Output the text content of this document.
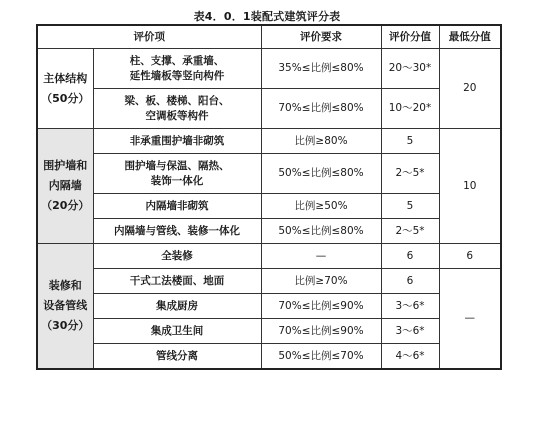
表4．0．1装配式建筑评分表
评价项		评价要求	评价分值	最低分值
主体结构
（50分）	柱、支撑、承重墙、
延性墙板等竖向构件	35%≤比例≤80%	20～30*	20
	梁、板、楼梯、阳台、
空调板等构件	70%≤比例≤80%	10～20*	
围护墙和
内隔墙
（20分）	非承重围护墙非砌筑	比例≥80%	5	10
	围护墙与保温、隔热、
装饰一体化	50%≤比例≤80%	2～5*	
	内隔墙非砌筑	比例≥50%	5	
	内隔墙与管线、装修一体化	50%≤比例≤80%	2～5*	
装修和
设备管线
（30分）	全装修	—	6	6
	干式工法楼面、地面	比例≥70%	6	—
	集成厨房	70%≤比例≤90%	3～6*	
	集成卫生间	70%≤比例≤90%	3～6*	
	管线分离	50%≤比例≤70%	4～6*	
